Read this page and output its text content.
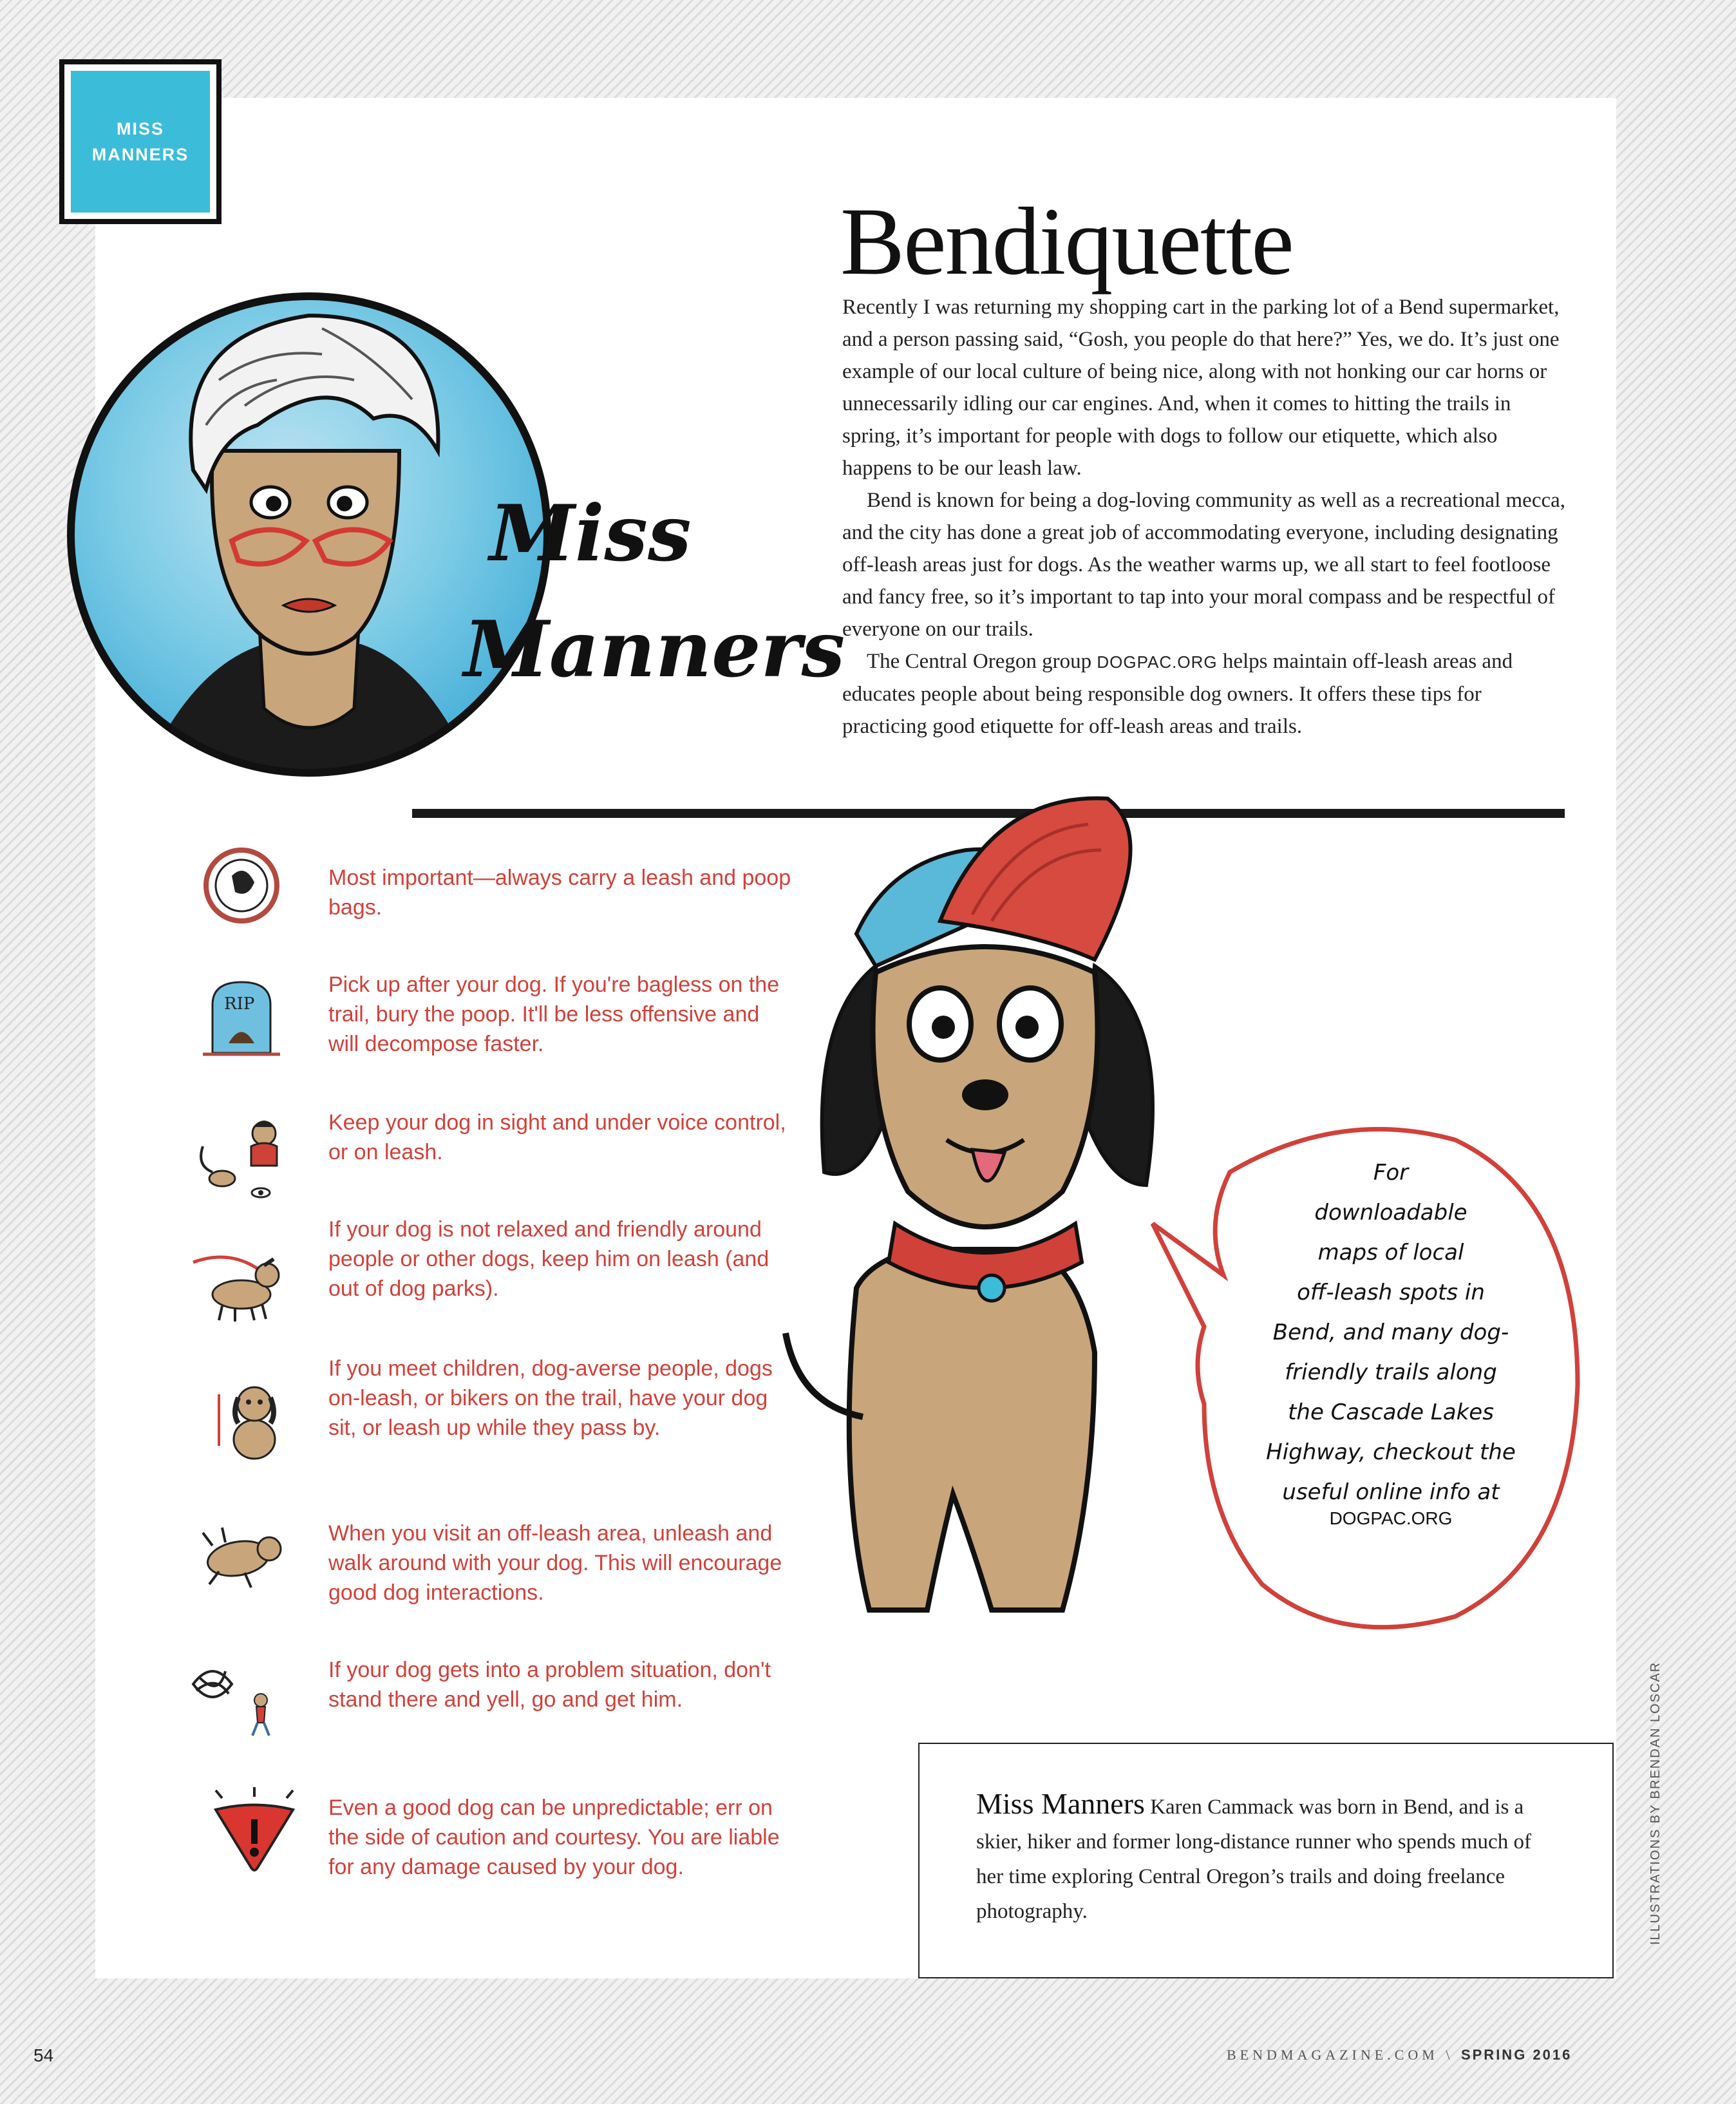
MISS
MANNERS
Bendiquette

Recently I was returning my shopping cart in the parking lot of a Bend supermarket, and a person passing said, “Gosh, you people do that here?” Yes, we do. It’s just one example of our local culture of being nice, along with not honking our car horns or unnecessarily idling our car engines. And, when it comes to hitting the trails in spring, it’s important for people with dogs to follow our etiquette, which also happens to be our leash law.

Bend is known for being a dog-loving community as well as a recreational mecca, and the city has done a great job of accommodating everyone, including designating off-leash areas just for dogs. As the weather warms up, we all start to feel footloose and fancy free, so it’s important to tap into your moral compass and be respectful of everyone on our trails.

The Central Oregon group DOGPAC.ORG helps maintain off-leash areas and educates people about being responsible dog owners. It offers these tips for practicing good etiquette for off-leash areas and trails.

Miss
Manners
Most important—always carry a leash and poop bags.
RIP
Pick up after your dog. If you're bagless on the trail, bury the poop. It'll be less offensive and will decompose faster.
Keep your dog in sight and under voice control, or on leash.
If your dog is not relaxed and friendly around people or other dogs, keep him on leash (and out of dog parks).
If you meet children, dog-averse people, dogs on-leash, or bikers on the trail, have your dog sit, or leash up while they pass by.
When you visit an off-leash area, unleash and walk around with your dog. This will encourage good dog interactions.
If your dog gets into a problem situation, don't stand there and yell, go and get him.
Even a good dog can be unpredictable; err on the side of caution and courtesy. You are liable for any damage caused by your dog.
For
downloadable
maps of local
off-leash spots in
Bend, and many dog-
friendly trails along
the Cascade Lakes
Highway, checkout the
useful online info at
DOGPAC.ORG
Miss Manners Karen Cammack was born in Bend, and is a skier, hiker and former long-distance runner who spends much of her time exploring Central Oregon’s trails and doing freelance photography.	ILLUSTRATIONS BY BRENDAN LOSCAR
54	BENDMAGAZINE.COM \ SPRING 2016
